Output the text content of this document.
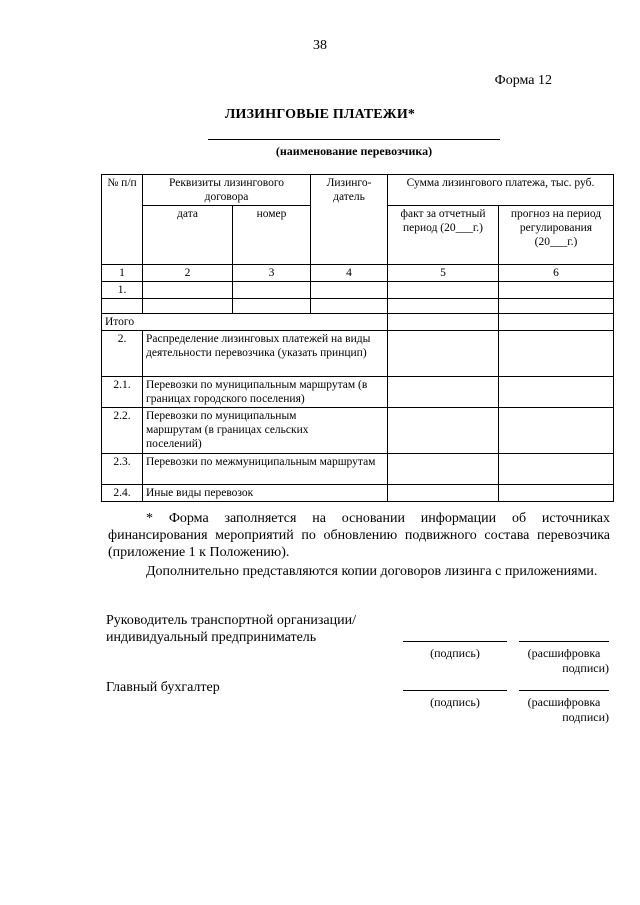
38
Форма 12
ЛИЗИНГОВЫЕ ПЛАТЕЖИ*
(наименование перевозчика)
№ п/п	Реквизиты лизингового договора		Лизинго-датель	Сумма лизингового платежа, тыс. руб.	
	дата	номер		факт за отчетный период (20___г.)	прогноз на период регулирования (20___г.)
1	2	3	4	5	6
1.					

Итого					
2.	Распределение лизинговых платежей на виды деятельности перевозчика (указать принцип)				
2.1.	Перевозки по муниципальным маршрутам (в границах городского поселения)				
2.2.	Перевозки по муниципальным маршрутам (в границах сельских поселений)				
2.3.	Перевозки по межмуниципальным маршрутам				
2.4.	Иные виды перевозок				
* Форма заполняется на основании информации об источниках финансирования мероприятий по обновлению подвижного состава перевозчика (приложение 1 к Положению).
Дополнительно представляются копии договоров лизинга с приложениями.
Руководитель транспортной организации/
индивидуальный предприниматель
(подпись)	(расшифровка
подписи)
Главный бухгалтер
(подпись)	(расшифровка
подписи)
